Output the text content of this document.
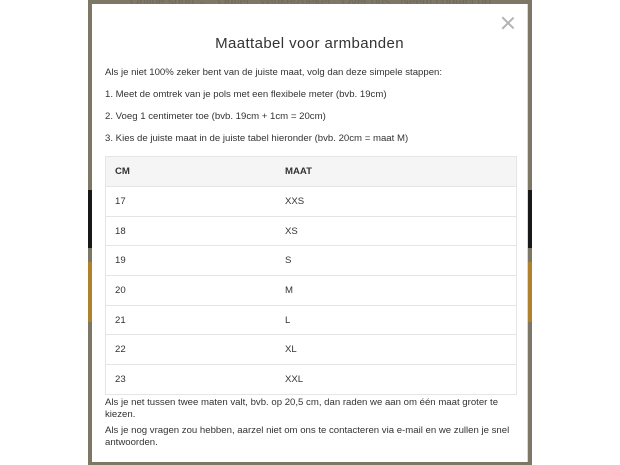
Maattabel voor armbanden
Als je niet 100% zeker bent van de juiste maat, volg dan deze simpele stappen:
1. Meet de omtrek van je pols met een flexibele meter (bvb. 19cm)
2. Voeg 1 centimeter toe (bvb. 19cm + 1cm = 20cm)
3. Kies de juiste maat in de juiste tabel hieronder (bvb. 20cm = maat M)
CM	MAAT
17	XXS
18	XS
19	S
20	M
21	L
22	XL
23	XXL

Als je net tussen twee maten valt, bvb. op 20,5 cm, dan raden we aan om één maat groter te kiezen.

Als je nog vragen zou hebben, aarzel niet om ons te contacteren via e-mail en we zullen je snel antwoorden.
